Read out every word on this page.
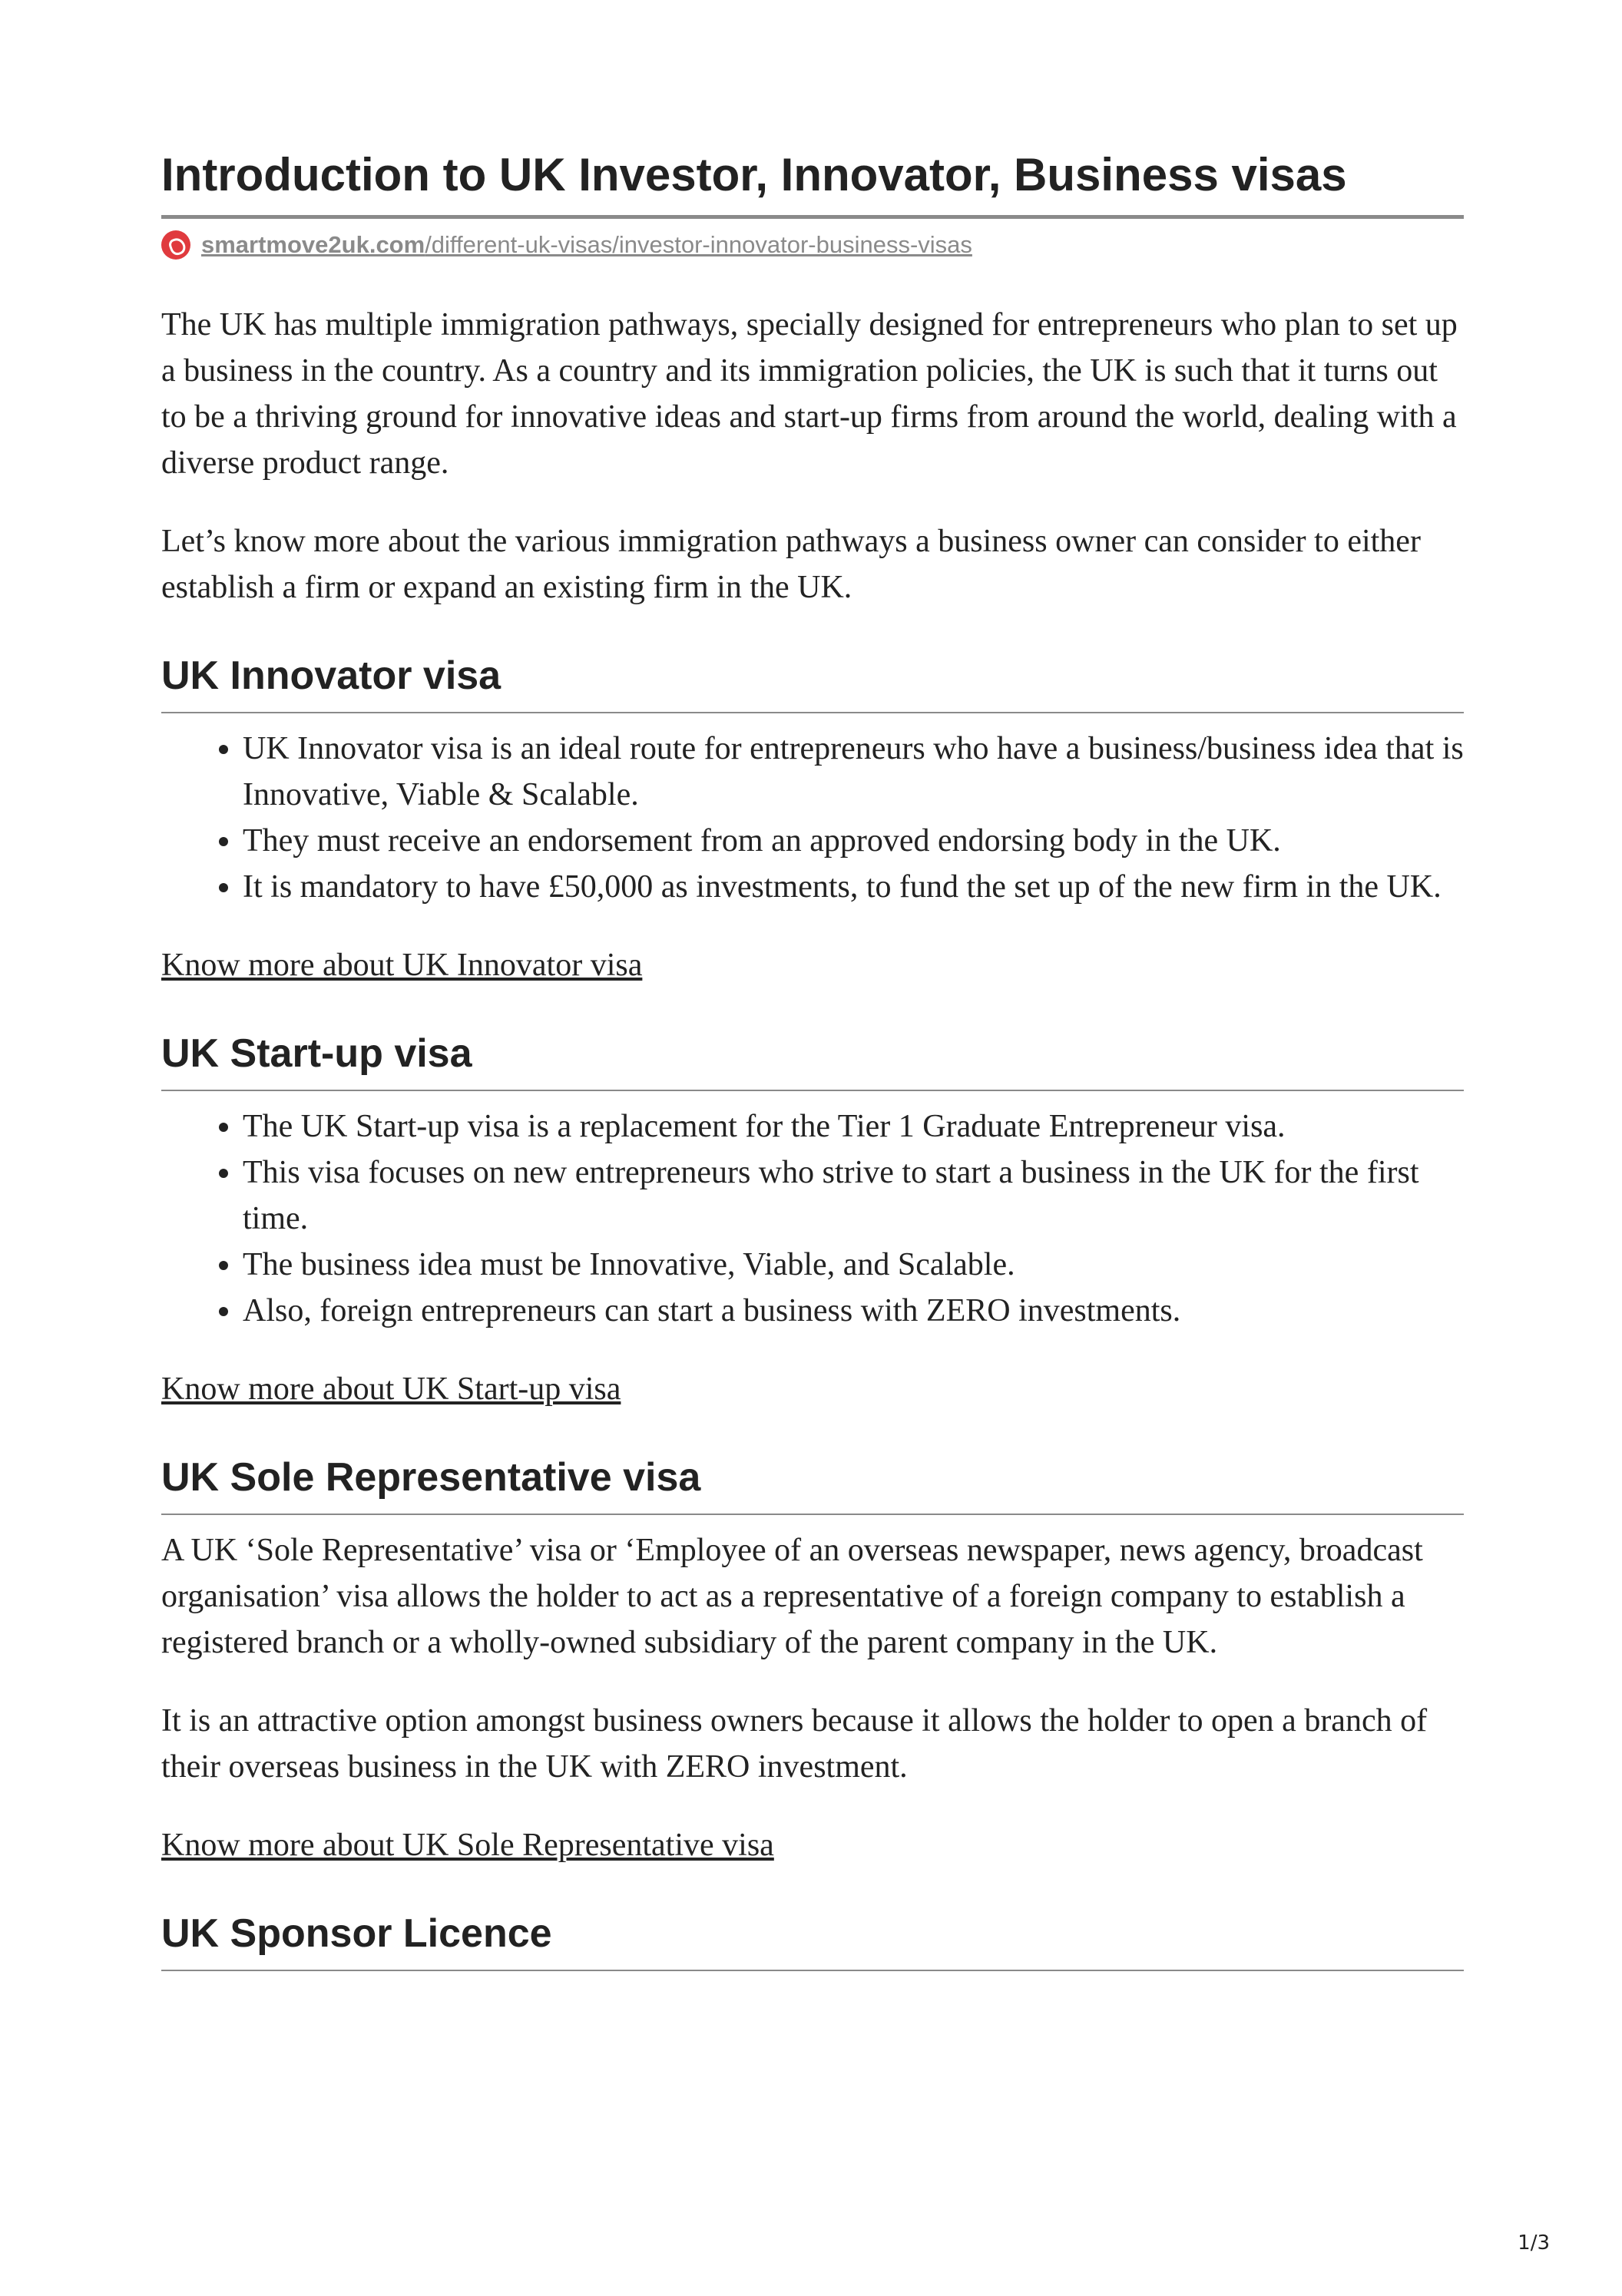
Introduction to UK Investor, Innovator, Business visas
smartmove2uk.com/different-uk-visas/investor-innovator-business-visas

The UK has multiple immigration pathways, specially designed for entrepreneurs who plan to set up a business in the country. As a country and its immigration policies, the UK is such that it turns out to be a thriving ground for innovative ideas and start-up firms from around the world, dealing with a diverse product range.

Let’s know more about the various immigration pathways a business owner can consider to either establish a firm or expand an existing firm in the UK.

UK Innovator visa
• UK Innovator visa is an ideal route for entrepreneurs who have a business/business idea that is Innovative, Viable & Scalable.
• They must receive an endorsement from an approved endorsing body in the UK.
• It is mandatory to have £50,000 as investments, to fund the set up of the new firm in the UK.
Know more about UK Innovator visa
UK Start-up visa
• The UK Start-up visa is a replacement for the Tier 1 Graduate Entrepreneur visa.
• This visa focuses on new entrepreneurs who strive to start a business in the UK for the first time.
• The business idea must be Innovative, Viable, and Scalable.
• Also, foreign entrepreneurs can start a business with ZERO investments.
Know more about UK Start-up visa
UK Sole Representative visa

A UK ‘Sole Representative’ visa or ‘Employee of an overseas newspaper, news agency, broadcast organisation’ visa allows the holder to act as a representative of a foreign company to establish a registered branch or a wholly-owned subsidiary of the parent company in the UK.

It is an attractive option amongst business owners because it allows the holder to open a branch of their overseas business in the UK with ZERO investment.

Know more about UK Sole Representative visa
UK Sponsor Licence
1/3
